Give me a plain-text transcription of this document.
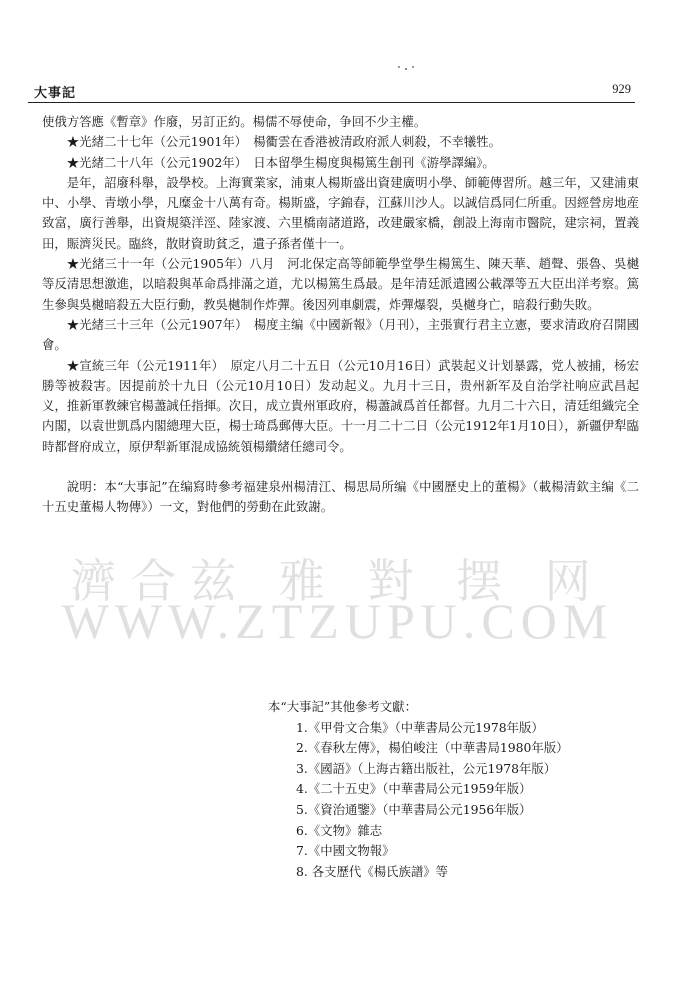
大事記	929
濟合兹 雅 對 摆 网
WWW.ZTZUPU.COM

使俄方答應《暫章》作廢，另訂正約。楊儒不辱使命，争回不少主權。

★光緒二十七年（公元1901年）　楊衢雲在香港被清政府派人刺殺，不幸犧牲。

★光緒二十八年（公元1902年）　日本留學生楊度與楊篤生創刊《游學譯編》。

是年，詔廢科舉，設學校。上海實業家，浦東人楊斯盛出資建廣明小學、師範傳習所。越三年，又建浦東中、小學、青墩小學，凡糜金十八萬有奇。楊斯盛，字錦春，江蘇川沙人。以誠信爲同仁所重。因經營房地産致富，廣行善舉，出資規築洋涇、陸家渡、六里橋南諸道路，改建嚴家橋，創設上海南市醫院，建宗祠，置義田，賑濟災民。臨終，散財資助貧乏，遺子孫者僅十一。

★光緒三十一年（公元1905年）八月　河北保定高等師範學堂學生楊篤生、陳天華、趙聲、張魯、吳樾等反清思想激進，以暗殺與革命爲排滿之道，尤以楊篤生爲最。是年清廷派遣國公載澤等五大臣出洋考察。篤生參與吳樾暗殺五大臣行動，教吳樾制作炸彈。後因列車劇震，炸彈爆裂，吳樾身亡，暗殺行動失敗。

★光緒三十三年（公元1907年）　楊度主编《中國新報》（月刊），主張實行君主立憲，要求清政府召開國會。

★宣統三年（公元1911年）　原定八月二十五日（公元10月16日）武裝起义计划暴露，党人被捕，杨宏勝等被殺害。因提前於十九日（公元10月10日）发动起义。九月十三日，贵州新军及自治学社响应武昌起义，推新軍教練官楊藎誠任指揮。次日，成立貴州軍政府，楊藎誠爲首任都督。九月二十六日，清廷组織完全内閣，以袁世凱爲内閣總理大臣，楊士琦爲郵傳大臣。十一月二十二日（公元1912年1月10日），新疆伊犁臨時都督府成立，原伊犁新軍混成協統領楊纘緒任總司令。

說明：本“大事記”在编寫時參考福建泉州楊清江、楊思局所编《中國歷史上的董楊》（載楊清欽主编《二十五史董楊人物傳》）一文，對他們的勞動在此致謝。

本“大事記”其他參考文獻：
1.《甲骨文合集》（中華書局公元1978年版）
2.《春秋左傳》，楊伯峻注（中華書局1980年版）
3.《國語》（上海古籍出版社，公元1978年版）
4.《二十五史》（中華書局公元1959年版）
5.《資治通鑒》（中華書局公元1956年版）
6.《文物》雜志
7.《中國文物報》
8. 各支歷代《楊氏族譜》等
